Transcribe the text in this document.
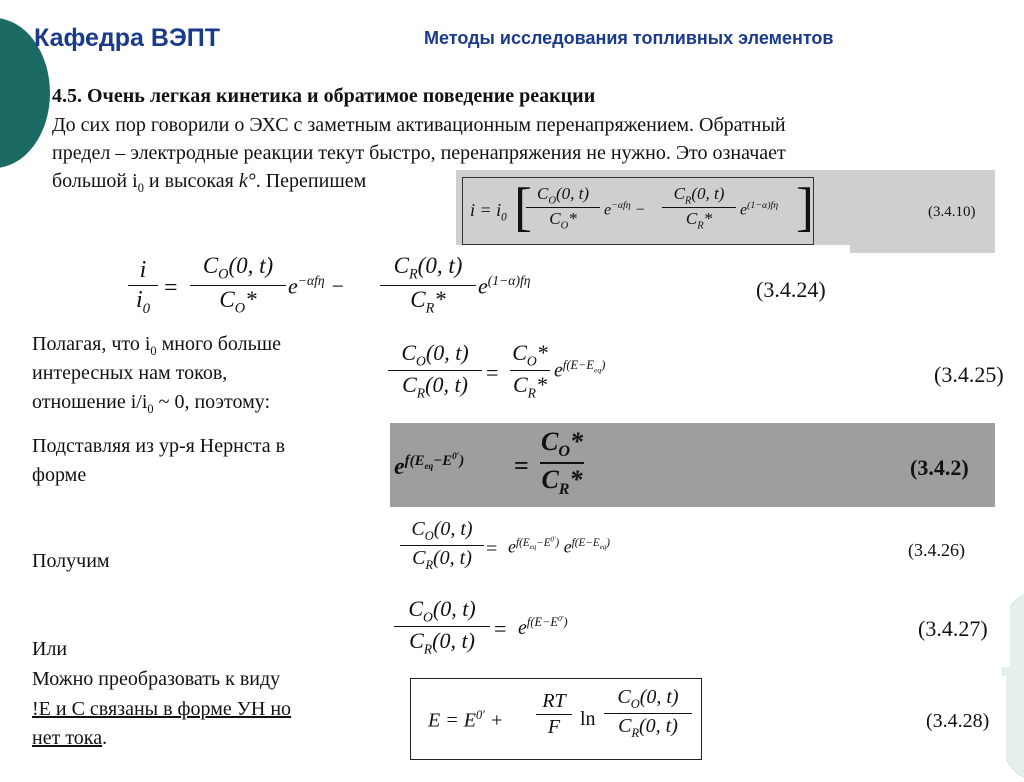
Кафедра ВЭПТ	Методы исследования топливных элементов
4.5. Очень легкая кинетика и обратимое поведение реакции
До сих пор говорили о ЭХС с заметным активационным перенапряжением. Обратный
предел – электродные реакции текут быстро, перенапряжения не нужно. Это означает
большой $i_0$ и высокая k°. Перепишем
$i = i_0$ [ $C_O(0$, t)
$C_O*$	$e^{-\alpha f\eta}$ −
$C_R(0$, t)
$C_R*$	$e^{(1-\alpha)f\eta}$ ]	(3.4.10)
i
$i_0$
=
$C_O(0$, t)
$C_O*$
$e^{-\alpha f\eta}$ −
$C_R(0$, t)
$C_R*$
$e^{(1-\alpha)f\eta}$	(3.4.24)
Полагая, что $i_0$ много больше
интересных нам токов,
отношение $i/i_0$ ~ 0, поэтому:
$C_O(0$, t)
$C_R(0$, t) =
$C_O*$
$C_R*$
$e^{f(E-E_{eq})}$	(3.4.25)
Подставляя из ур-я Нернста в
форме	$e^{f(E_{eq}-E^{0'})}$ =
$C_O*$
$C_R*$	(3.4.2)
$C_O(0$, t)
$C_R(0$, $t) = e^{f(E_{eq}-E^{0'})}$ $e^{f(E-E_{eq})}$	(3.4.26)
Получим
$C_O(0$, t)
$C_R(0$, $t) = e^{f(E-E^{0'})}$	(3.4.27)
Или
Можно преобразовать к виду
!Е и С связаны в форме УН но
нет тока.
$E = E^{0'}$ +
RT
F ln
$C_O(0$, t)
$C_R(0$, t)	(3.4.28)
